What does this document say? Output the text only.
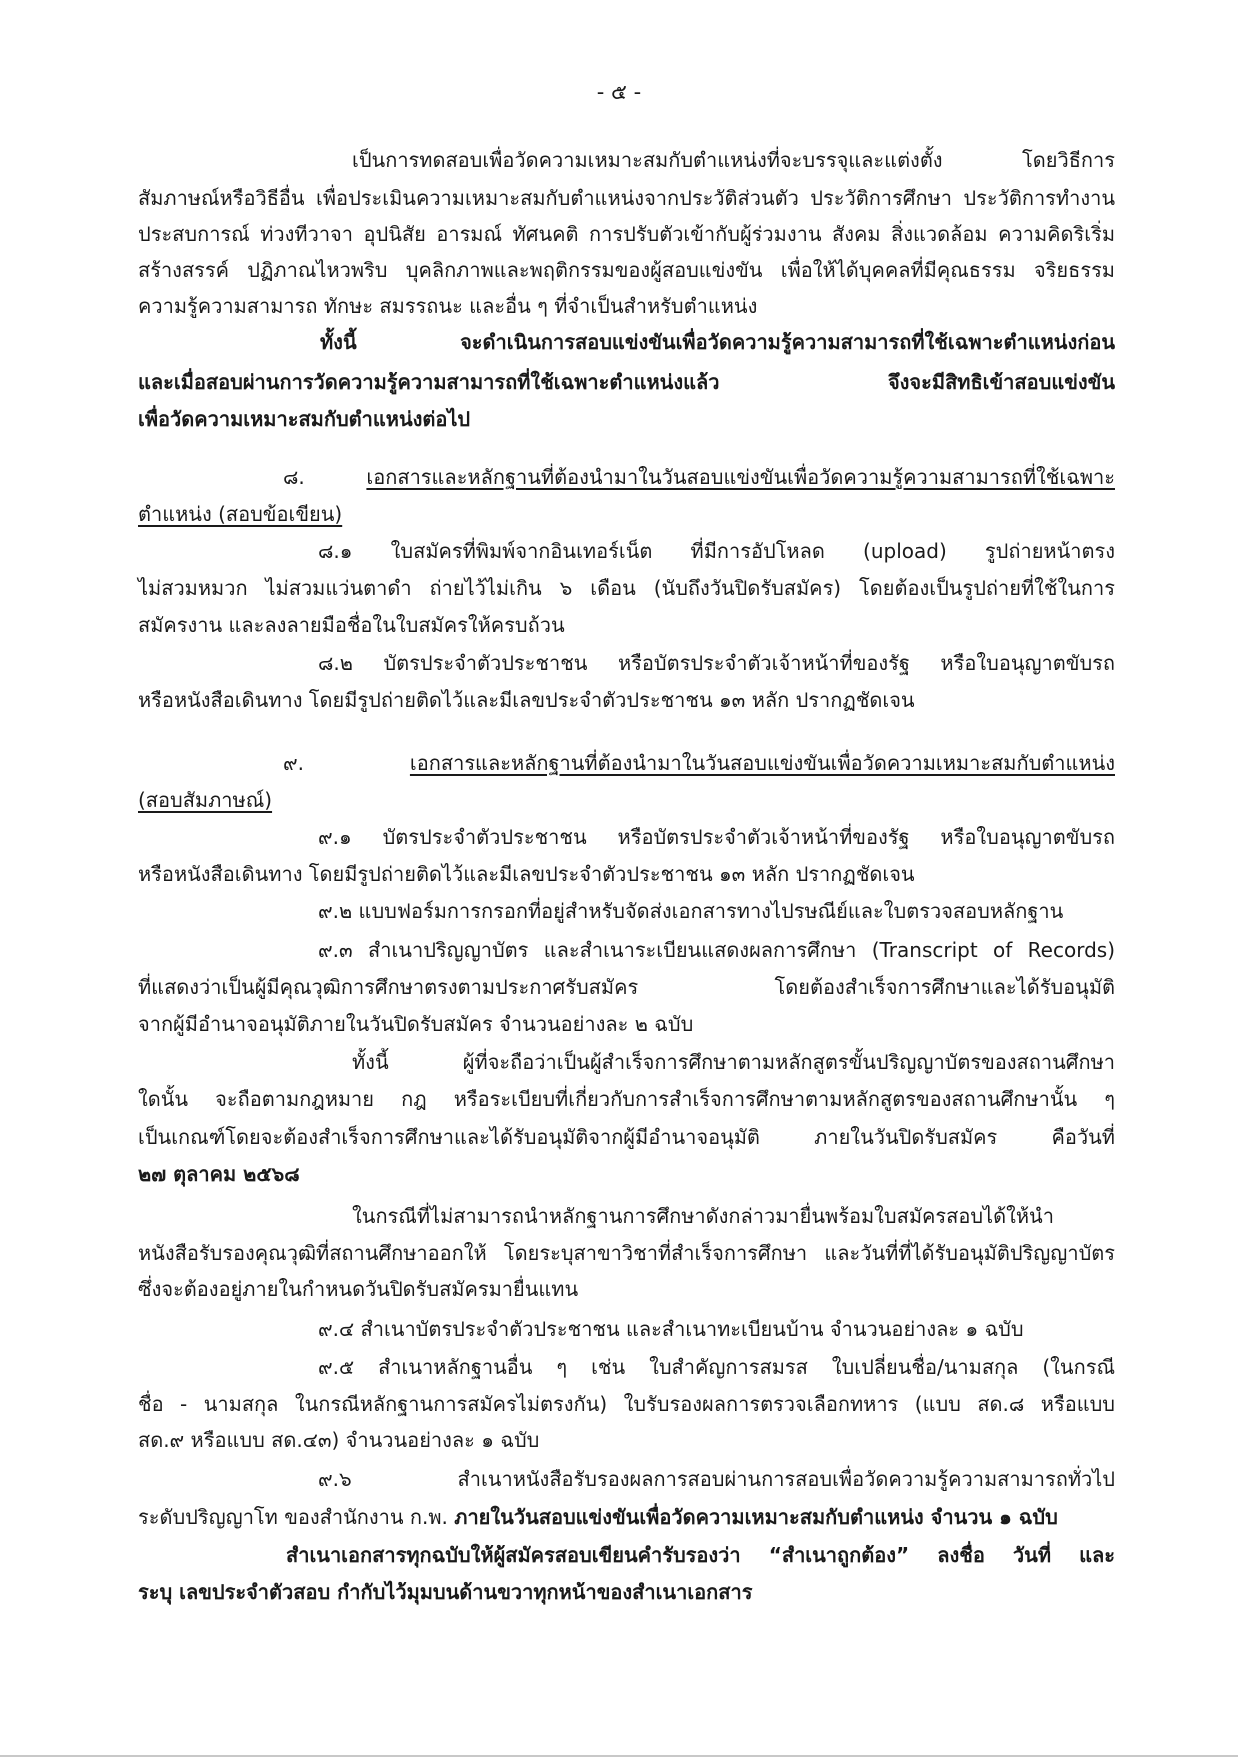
- ๕ -
เป็นการทดสอบเพื่อวัดความเหมาะสมกับตำแหน่งที่จะบรรจุและแต่งตั้ง โดยวิธีการ
สัมภาษณ์หรือวิธีอื่น เพื่อประเมินความเหมาะสมกับตำแหน่งจากประวัติส่วนตัว ประวัติการศึกษา ประวัติการทำงาน
ประสบการณ์ ท่วงทีวาจา อุปนิสัย อารมณ์ ทัศนคติ การปรับตัวเข้ากับผู้ร่วมงาน สังคม สิ่งแวดล้อม ความคิดริเริ่ม
สร้างสรรค์ ปฏิภาณไหวพริบ บุคลิกภาพและพฤติกรรมของผู้สอบแข่งขัน เพื่อให้ได้บุคคลที่มีคุณธรรม จริยธรรม
ความรู้ความสามารถ ทักษะ สมรรถนะ และอื่น ๆ ที่จำเป็นสำหรับตำแหน่ง
ทั้งนี้ จะดำเนินการสอบแข่งขันเพื่อวัดความรู้ความสามารถที่ใช้เฉพาะตำแหน่งก่อน
และเมื่อสอบผ่านการวัดความรู้ความสามารถที่ใช้เฉพาะตำแหน่งแล้ว จึงจะมีสิทธิเข้าสอบแข่งขัน
เพื่อวัดความเหมาะสมกับตำแหน่งต่อไป
๘. เอกสารและหลักฐานที่ต้องนำมาในวันสอบแข่งขันเพื่อวัดความรู้ความสามารถที่ใช้เฉพาะ
ตำแหน่ง (สอบข้อเขียน)
๘.๑ ใบสมัครที่พิมพ์จากอินเทอร์เน็ต ที่มีการอัปโหลด (upload) รูปถ่ายหน้าตรง
ไม่สวมหมวก ไม่สวมแว่นตาดำ ถ่ายไว้ไม่เกิน ๖ เดือน (นับถึงวันปิดรับสมัคร) โดยต้องเป็นรูปถ่ายที่ใช้ในการ
สมัครงาน และลงลายมือชื่อในใบสมัครให้ครบถ้วน
๘.๒ บัตรประจำตัวประชาชน หรือบัตรประจำตัวเจ้าหน้าที่ของรัฐ หรือใบอนุญาตขับรถ
หรือหนังสือเดินทาง โดยมีรูปถ่ายติดไว้และมีเลขประจำตัวประชาชน ๑๓ หลัก ปรากฏชัดเจน
๙. เอกสารและหลักฐานที่ต้องนำมาในวันสอบแข่งขันเพื่อวัดความเหมาะสมกับตำแหน่ง
(สอบสัมภาษณ์)
๙.๑ บัตรประจำตัวประชาชน หรือบัตรประจำตัวเจ้าหน้าที่ของรัฐ หรือใบอนุญาตขับรถ
หรือหนังสือเดินทาง โดยมีรูปถ่ายติดไว้และมีเลขประจำตัวประชาชน ๑๓ หลัก ปรากฏชัดเจน
๙.๒ แบบฟอร์มการกรอกที่อยู่สำหรับจัดส่งเอกสารทางไปรษณีย์และใบตรวจสอบหลักฐาน
๙.๓ สำเนาปริญญาบัตร และสำเนาระเบียนแสดงผลการศึกษา (Transcript of Records)
ที่แสดงว่าเป็นผู้มีคุณวุฒิการศึกษาตรงตามประกาศรับสมัคร โดยต้องสำเร็จการศึกษาและได้รับอนุมัติ
จากผู้มีอำนาจอนุมัติภายในวันปิดรับสมัคร จำนวนอย่างละ ๒ ฉบับ
ทั้งนี้ ผู้ที่จะถือว่าเป็นผู้สำเร็จการศึกษาตามหลักสูตรขั้นปริญญาบัตรของสถานศึกษา
ใดนั้น จะถือตามกฎหมาย กฎ หรือระเบียบที่เกี่ยวกับการสำเร็จการศึกษาตามหลักสูตรของสถานศึกษานั้น ๆ
เป็นเกณฑ์โดยจะต้องสำเร็จการศึกษาและได้รับอนุมัติจากผู้มีอำนาจอนุมัติ ภายในวันปิดรับสมัคร คือวันที่
๒๗ ตุลาคม ๒๕๖๘
ในกรณีที่ไม่สามารถนำหลักฐานการศึกษาดังกล่าวมายื่นพร้อมใบสมัครสอบได้ให้นำ
หนังสือรับรองคุณวุฒิที่สถานศึกษาออกให้ โดยระบุสาขาวิชาที่สำเร็จการศึกษา และวันที่ที่ได้รับอนุมัติปริญญาบัตร
ซึ่งจะต้องอยู่ภายในกำหนดวันปิดรับสมัครมายื่นแทน
๙.๔ สำเนาบัตรประจำตัวประชาชน และสำเนาทะเบียนบ้าน จำนวนอย่างละ ๑ ฉบับ
๙.๕ สำเนาหลักฐานอื่น ๆ เช่น ใบสำคัญการสมรส ใบเปลี่ยนชื่อ/นามสกุล (ในกรณี
ชื่อ - นามสกุล ในกรณีหลักฐานการสมัครไม่ตรงกัน) ใบรับรองผลการตรวจเลือกทหาร (แบบ สด.๘ หรือแบบ
สด.๙ หรือแบบ สด.๔๓) จำนวนอย่างละ ๑ ฉบับ
๙.๖ สำเนาหนังสือรับรองผลการสอบผ่านการสอบเพื่อวัดความรู้ความสามารถทั่วไป
ระดับปริญญาโท ของสำนักงาน ก.พ. ภายในวันสอบแข่งขันเพื่อวัดความเหมาะสมกับตำแหน่ง จำนวน ๑ ฉบับ
สำเนาเอกสารทุกฉบับให้ผู้สมัครสอบเขียนคำรับรองว่า “สำเนาถูกต้อง” ลงชื่อ วันที่ และ
ระบุ เลขประจำตัวสอบ กำกับไว้มุมบนด้านขวาทุกหน้าของสำเนาเอกสาร
